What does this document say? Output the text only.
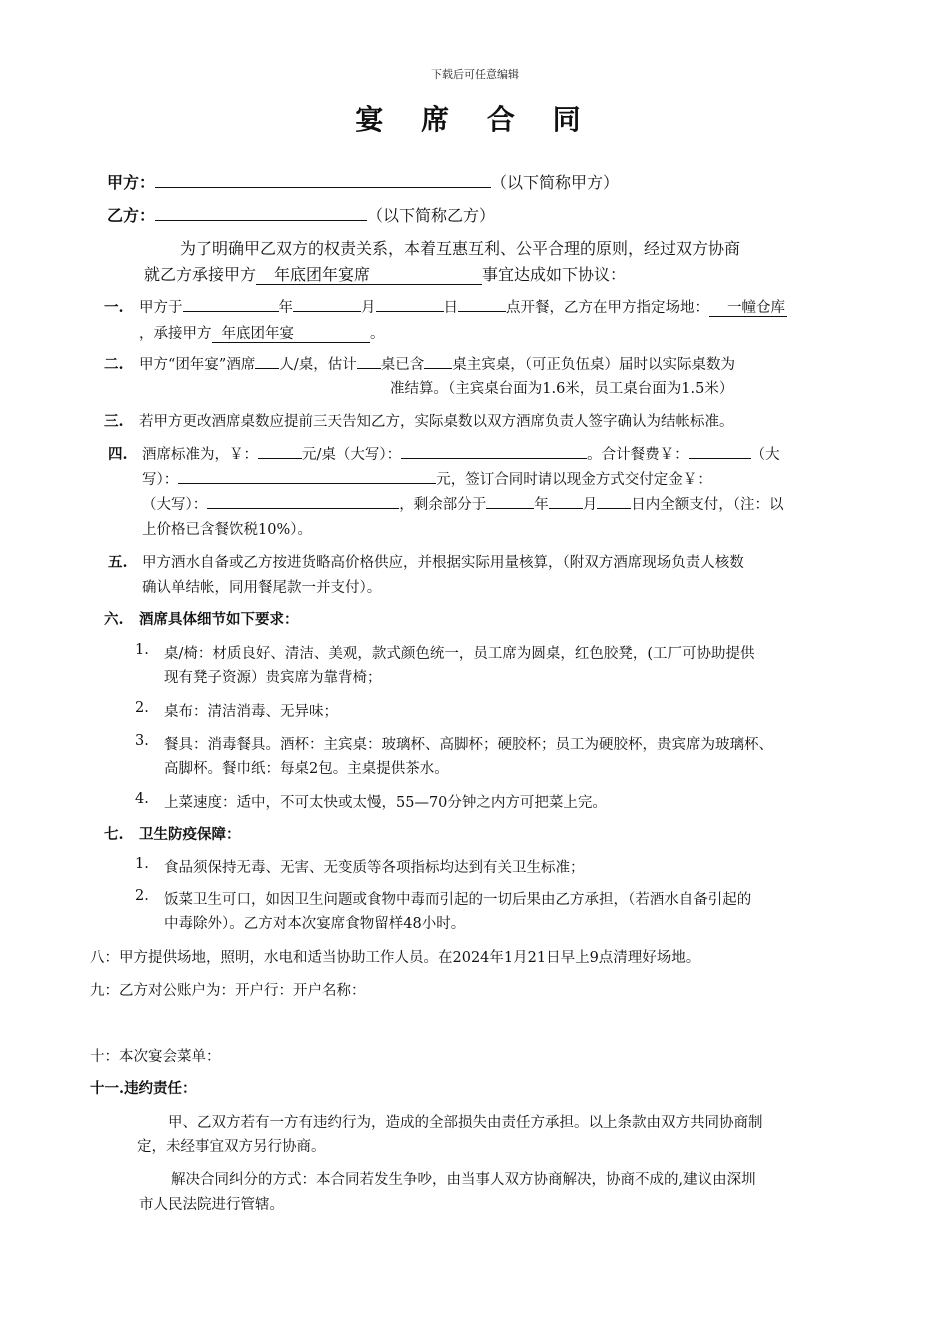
下载后可任意编辑
宴 席 合 同
甲方：	（以下简称甲方）
乙方：	（以下简称乙方）
为了明确甲乙双方的权责关系，本着互惠互利、公平合理的原则，经过双方协商
就乙方承接甲方 年底团年宴席	事宜达成如下协议：
一. 甲方于	年	月	日	点开餐，乙方在甲方指定场地： 一幢仓库
，承接甲方 年底团年宴	。
二. 甲方“团年宴”酒席 人/桌，估计 桌已含 桌主宾桌，（可正负伍桌）届时以实际桌数为
准结算。（主宾桌台面为1.6米，员工桌台面为1.5米）
三. 若甲方更改酒席桌数应提前三天告知乙方，实际桌数以双方酒席负责人签字确认为结帐标准。
四. 酒席标准为，￥：	元/桌（大写）：	。合计餐费￥：	（大
写）：	元，签订合同时请以现金方式交付定金￥：
（大写）：	，剩余部分于	年 月 日内全额支付，（注：以
上价格已含餐饮税10%）。
五. 甲方酒水自备或乙方按进货略高价格供应，并根据实际用量核算，（附双方酒席现场负责人核数
确认单结帐，同用餐尾款一并支付）。
六. 酒席具体细节如下要求：
1. 桌/椅：材质良好、清洁、美观，款式颜色统一，员工席为圆桌，红色胶凳，(工厂可协助提供
现有凳子资源）贵宾席为靠背椅；
2. 桌布：清洁消毒、无异味；
3. 餐具：消毒餐具。酒杯：主宾桌：玻璃杯、高脚杯；硬胶杯；员工为硬胶杯，贵宾席为玻璃杯、
高脚杯。餐巾纸：每桌2包。主桌提供茶水。
4. 上菜速度：适中，不可太快或太慢，55—70分钟之内方可把菜上完。
七. 卫生防疫保障：
1. 食品须保持无毒、无害、无变质等各项指标均达到有关卫生标准；
2. 饭菜卫生可口，如因卫生问题或食物中毒而引起的一切后果由乙方承担，（若酒水自备引起的
中毒除外）。乙方对本次宴席食物留样48小时。
八：甲方提供场地，照明，水电和适当协助工作人员。在2024年1月21日早上9点清理好场地。
九：乙方对公账户为：开户行：开户名称：
十：本次宴会菜单：
十一.违约责任：
甲、乙双方若有一方有违约行为，造成的全部损失由责任方承担。以上条款由双方共同协商制
定，未经事宜双方另行协商。
解决合同纠分的方式：本合同若发生争吵，由当事人双方协商解决，协商不成的,建议由深圳
市人民法院进行管辖。
